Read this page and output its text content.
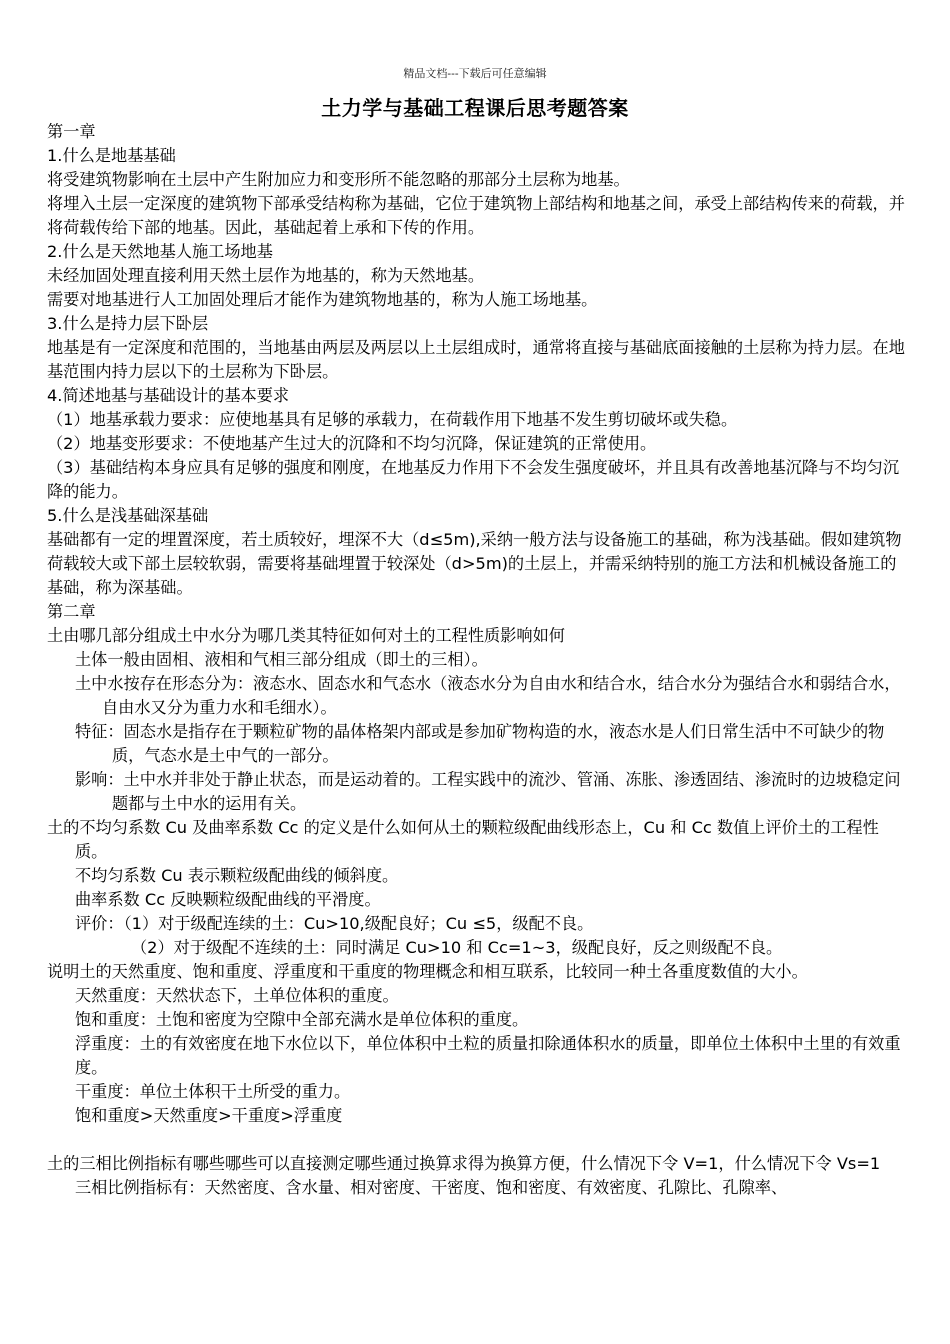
精品文档---下载后可任意编辑
土力学与基础工程课后思考题答案

第一章

1.什么是地基基础

将受建筑物影响在土层中产生附加应力和变形所不能忽略的那部分土层称为地基。

将埋入土层一定深度的建筑物下部承受结构称为基础，它位于建筑物上部结构和地基之间，承受上部结构传来的荷载，并将荷载传给下部的地基。因此，基础起着上承和下传的作用。

2.什么是天然地基人施工场地基

未经加固处理直接利用天然土层作为地基的，称为天然地基。

需要对地基进行人工加固处理后才能作为建筑物地基的，称为人施工场地基。

3.什么是持力层下卧层

地基是有一定深度和范围的，当地基由两层及两层以上土层组成时，通常将直接与基础底面接触的土层称为持力层。在地基范围内持力层以下的土层称为下卧层。

4.简述地基与基础设计的基本要求

（1）地基承载力要求：应使地基具有足够的承载力，在荷载作用下地基不发生剪切破坏或失稳。

（2）地基变形要求：不使地基产生过大的沉降和不均匀沉降，保证建筑的正常使用。

（3）基础结构本身应具有足够的强度和刚度，在地基反力作用下不会发生强度破坏，并且具有改善地基沉降与不均匀沉降的能力。

5.什么是浅基础深基础

基础都有一定的埋置深度，若土质较好，埋深不大（d≤5m),采纳一般方法与设备施工的基础，称为浅基础。假如建筑物荷载较大或下部土层较软弱，需要将基础埋置于较深处（d>5m)的土层上，并需采纳特别的施工方法和机械设备施工的基础，称为深基础。

第二章

土由哪几部分组成土中水分为哪几类其特征如何对土的工程性质影响如何

土体一般由固相、液相和气相三部分组成（即土的三相）。

土中水按存在形态分为：液态水、固态水和气态水（液态水分为自由水和结合水，结合水分为强结合水和弱结合水，自由水又分为重力水和毛细水）。

特征：固态水是指存在于颗粒矿物的晶体格架内部或是参加矿物构造的水，液态水是人们日常生活中不可缺少的物质，气态水是土中气的一部分。

影响：土中水并非处于静止状态，而是运动着的。工程实践中的流沙、管涌、冻胀、渗透固结、渗流时的边坡稳定问题都与土中水的运用有关。

土的不均匀系数 Cu 及曲率系数 Cc 的定义是什么如何从土的颗粒级配曲线形态上，Cu 和 Cc 数值上评价土的工程性质。

不均匀系数 Cu 表示颗粒级配曲线的倾斜度。

曲率系数 Cc 反映颗粒级配曲线的平滑度。

评价：（1）对于级配连续的土：Cu>10,级配良好；Cu ≤5，级配不良。

（2）对于级配不连续的土：同时满足 Cu>10 和 Cc=1~3，级配良好，反之则级配不良。

说明土的天然重度、饱和重度、浮重度和干重度的物理概念和相互联系，比较同一种土各重度数值的大小。

天然重度：天然状态下，土单位体积的重度。

饱和重度：土饱和密度为空隙中全部充满水是单位体积的重度。

浮重度：土的有效密度在地下水位以下，单位体积中土粒的质量扣除通体积水的质量，即单位土体积中土里的有效重度。

干重度：单位土体积干土所受的重力。

饱和重度>天然重度>干重度>浮重度

土的三相比例指标有哪些哪些可以直接测定哪些通过换算求得为换算方便，什么情况下令 V=1，什么情况下令 Vs=1

三相比例指标有：天然密度、含水量、相对密度、干密度、饱和密度、有效密度、孔隙比、孔隙率、
